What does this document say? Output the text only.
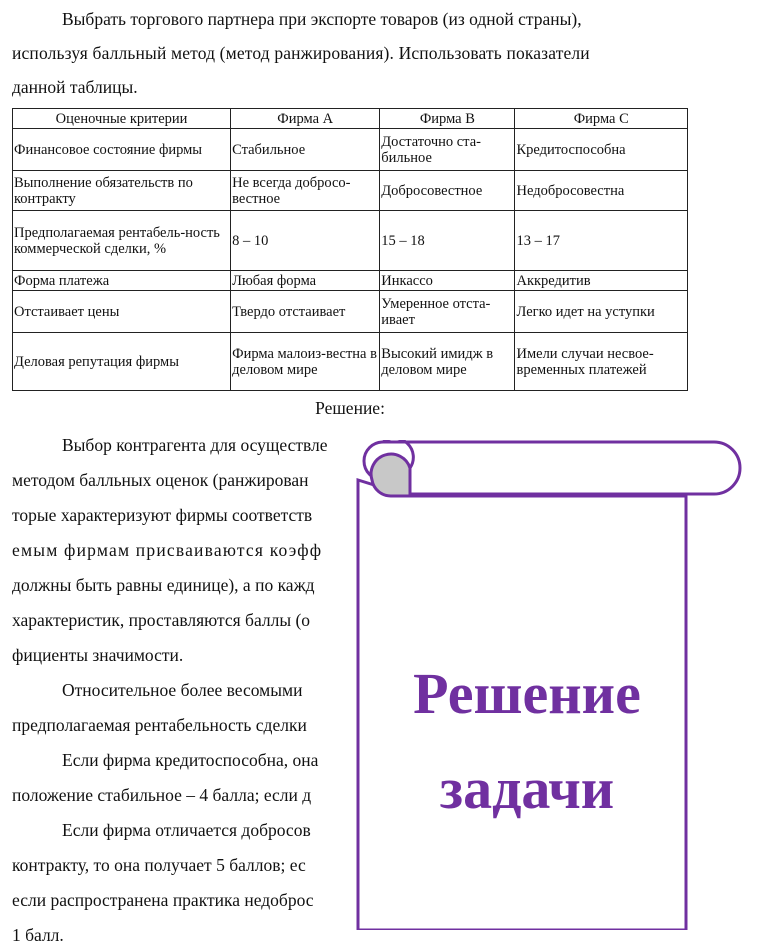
Выбрать торгового партнера при экспорте товаров (из одной страны),
используя балльный метод (метод ранжирования). Использовать показатели
данной таблицы.
Оценочные критерии	Фирма А	Фирма В	Фирма С
Финансовое состояние фирмы	Стабильное	Достаточно ста-бильное	Кредитоспособна
Выполнение обязательств по контракту	Не всегда добросо-вестное	Добросовестное	Недобросовестна
Предполагаемая рентабель-ность коммерческой сделки, %	8 – 10	15 – 18	13 – 17
Форма платежа	Любая форма	Инкассо	Аккредитив
Отстаивает цены	Твердо отстаивает	Умеренное отста-ивает	Легко идет на уступки
Деловая репутация фирмы	Фирма малоиз-вестна в деловом мире	Высокий имидж в деловом мире	Имели случаи несвое-временных платежей
Решение:
Выбор контрагента для осуществле
методом балльных оценок (ранжирован
торые характеризуют фирмы соответств
емым фирмам присваиваются коэфф
должны быть равны единице), а по кажд
характеристик, проставляются баллы (о
фициенты значимости.
Относительное более весомыми
предполагаемая рентабельность сделки
Если фирма кредитоспособна, она
положение стабильное – 4 балла; если д
Если фирма отличается добросов
контракту, то она получает 5 баллов; ес
если распространена практика недоброс
1 балл.
Решение
задачи
